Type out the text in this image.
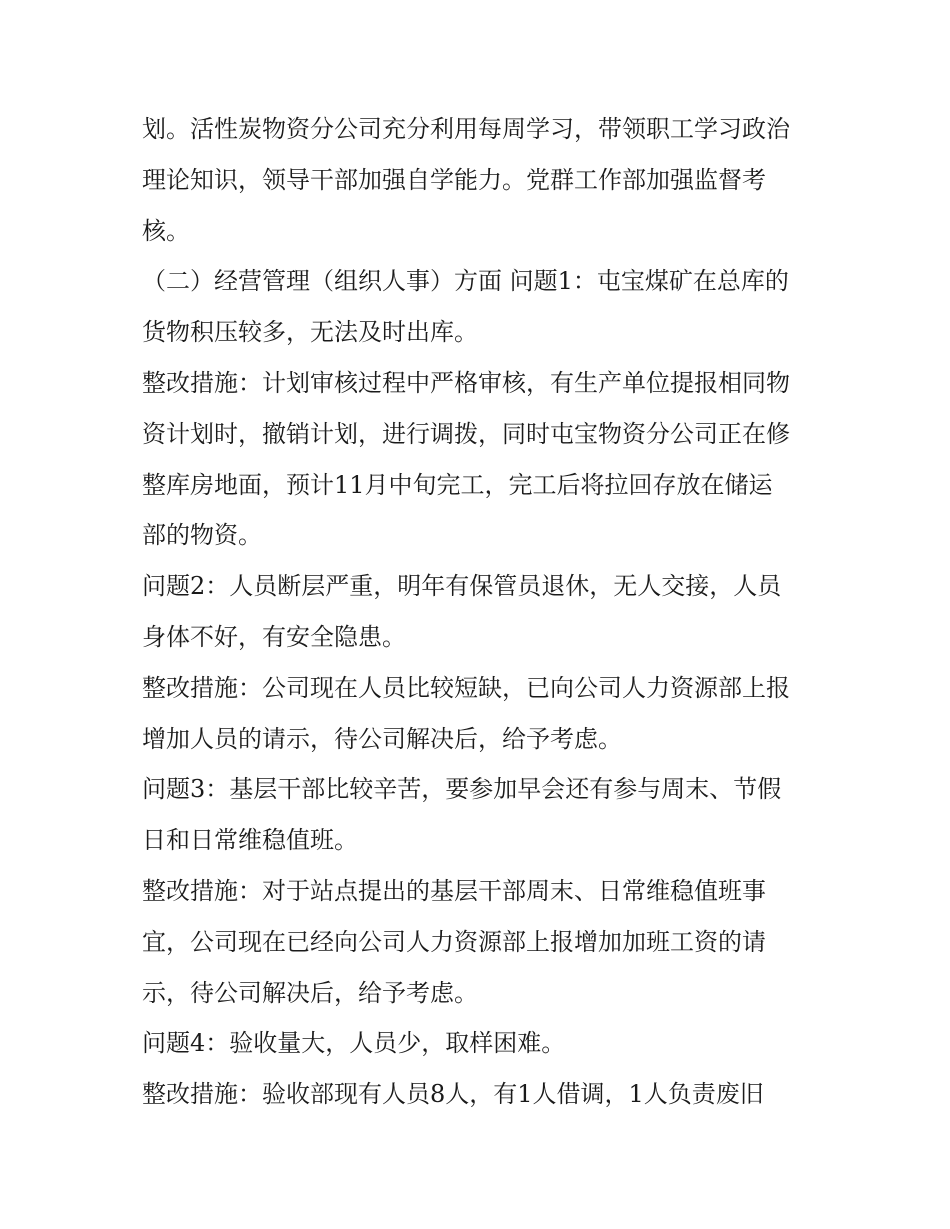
划。活性炭物资分公司充分利用每周学习，带领职工学习政治
理论知识，领导干部加强自学能力。党群工作部加强监督考
核。
（二）经营管理（组织人事）方面 问题1：屯宝煤矿在总库的
货物积压较多，无法及时出库。
整改措施：计划审核过程中严格审核，有生产单位提报相同物
资计划时，撤销计划，进行调拨，同时屯宝物资分公司正在修
整库房地面，预计11月中旬完工，完工后将拉回存放在储运
部的物资。
问题2：人员断层严重，明年有保管员退休，无人交接，人员
身体不好，有安全隐患。
整改措施：公司现在人员比较短缺，已向公司人力资源部上报
增加人员的请示，待公司解决后，给予考虑。
问题3：基层干部比较辛苦，要参加早会还有参与周末、节假
日和日常维稳值班。
整改措施：对于站点提出的基层干部周末、日常维稳值班事
宜，公司现在已经向公司人力资源部上报增加加班工资的请
示，待公司解决后，给予考虑。
问题4：验收量大，人员少，取样困难。
整改措施：验收部现有人员8人，有1人借调，1人负责废旧
